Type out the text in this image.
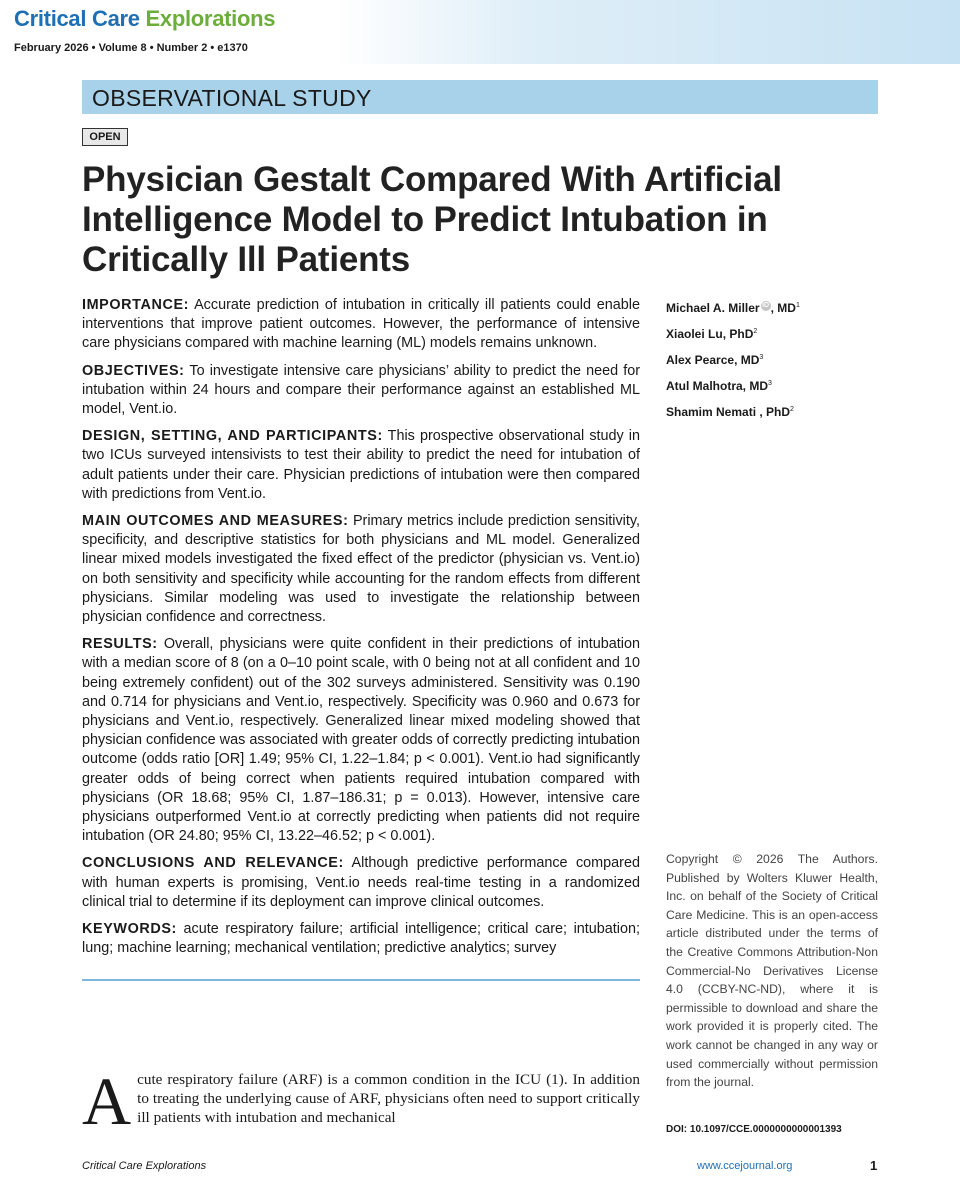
Critical Care Explorations
February 2026 • Volume 8 • Number 2 • e1370
OBSERVATIONAL STUDY
OPEN
Physician Gestalt Compared With Artificial Intelligence Model to Predict Intubation in Critically Ill Patients

IMPORTANCE: Accurate prediction of intubation in critically ill patients could enable interventions that improve patient outcomes. However, the performance of intensive care physicians compared with machine learning (ML) models remains unknown.

OBJECTIVES: To investigate intensive care physicians’ ability to predict the need for intubation within 24 hours and compare their performance against an established ML model, Vent.io.

DESIGN, SETTING, AND PARTICIPANTS: This prospective observational study in two ICUs surveyed intensivists to test their ability to predict the need for intubation of adult patients under their care. Physician predictions of intubation were then compared with predictions from Vent.io.

MAIN OUTCOMES AND MEASURES: Primary metrics include prediction sensitivity, specificity, and descriptive statistics for both physicians and ML model. Generalized linear mixed models investigated the fixed effect of the predictor (physician vs. Vent.io) on both sensitivity and specificity while accounting for the random effects from different physicians. Similar modeling was used to investigate the relationship between physician confidence and correctness.

RESULTS: Overall, physicians were quite confident in their predictions of intubation with a median score of 8 (on a 0–10 point scale, with 0 being not at all confident and 10 being extremely confident) out of the 302 surveys administered. Sensitivity was 0.190 and 0.714 for physicians and Vent.io, respectively. Specificity was 0.960 and 0.673 for physicians and Vent.io, respectively. Generalized linear mixed modeling showed that physician confidence was associated with greater odds of correctly predicting intubation outcome (odds ratio [OR] 1.49; 95% CI, 1.22–1.84; p < 0.001). Vent.io had significantly greater odds of being correct when patients required intubation compared with physicians (OR 18.68; 95% CI, 1.87–186.31; p = 0.013). However, intensive care physicians outperformed Vent.io at correctly predicting when patients did not require intubation (OR 24.80; 95% CI, 13.22–46.52; p < 0.001).

CONCLUSIONS AND RELEVANCE: Although predictive performance compared with human experts is promising, Vent.io needs real-time testing in a randomized clinical trial to determine if its deployment can improve clinical outcomes.

KEYWORDS: acute respiratory failure; artificial intelligence; critical care; intubation; lung; machine learning; mechanical ventilation; predictive analytics; survey

Michael A. Miller iD , $MD^1$
Xiaolei Lu, PhD$^2$
Alex Pearce, $MD^3$
Atul Malhotra, $MD^3$
Shamim Nemati , PhD$^2$
Copyright © 2026 The Authors. Published by Wolters Kluwer Health, Inc. on behalf of the Society of Critical Care Medicine. This is an open-access article distributed under the terms of the Creative Commons Attribution-Non Commercial-No Derivatives License 4.0 (CCBY-NC-ND), where it is permissible to download and share the work provided it is properly cited. The work cannot be changed in any way or used commercially without permission from the journal.
DOI: 10.1097/CCE.0000000000001393
Acute respiratory failure (ARF) is a common condition in the ICU (1). In addition to treating the underlying cause of ARF, physicians often need to support critically ill patients with intubation and mechanical
Critical Care Explorations	www.ccejournal.org	1
